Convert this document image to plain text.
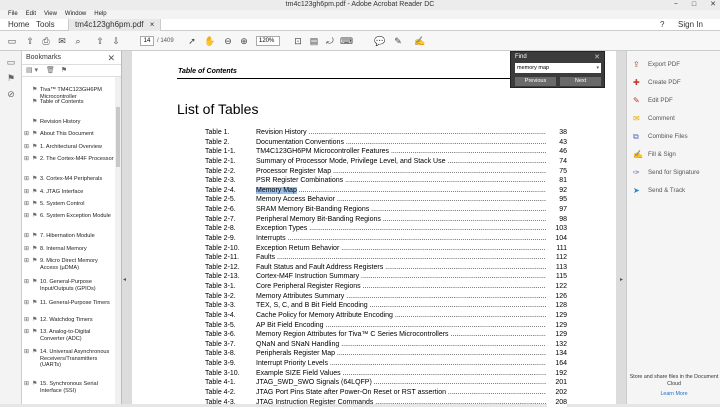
tm4c123gh6pm.pdf - Adobe Acrobat Reader DC	− □ ✕
File Edit View Window Help
Home Tools	tm4c123gh6pm.pdf ×	? Sign In
▭ ⇧ ⎙ ✉	⌕	⇧ ⇩	14	/ 1409 ➚ ✋ ⊖ ⊕	120%	⊡ ▤ ⤾ ⌨ 💬 ✎ ✍
▭
⚑
⊘
Bookmarks	✕
▤ ▾ 🗑 ⚑
⚑ Tiva™ TM4C123GH6PM Microcontroller
⚑ Table of Contents
⚑ Revision History
⊞ ⚑ About This Document
⊞ ⚑ 1. Architectural Overview
⊞ ⚑ 2. The Cortex-M4F Processor
⊞ ⚑ 3. Cortex-M4 Peripherals
⊞ ⚑ 4. JTAG Interface
⊞ ⚑ 5. System Control
⊞ ⚑ 6. System Exception Module
⊞ ⚑ 7. Hibernation Module
⊞ ⚑ 8. Internal Memory
⊞ ⚑ 9. Micro Direct Memory Access (μDMA)
⊞ ⚑ 10. General-Purpose Input/Outputs (GPIOs)
⊞ ⚑ 11. General-Purpose Timers
⊞ ⚑ 12. Watchdog Timers
⊞ ⚑ 13. Analog-to-Digital Converter (ADC)
⊞ ⚑ 14. Universal Asynchronous Receivers/Transmitters (UARTs)
⊞ ⚑ 15. Synchronous Serial Interface (SSI)
◂
Table of Contents
List of Tables
Table 1.	Revision History .....	38
Table 2.	Documentation Conventions .....	43
Table 1-1.	TM4C123GH6PM Microcontroller Features .....	46
Table 2-1.	Summary of Processor Mode, Privilege Level, and Stack Use .....	74
Table 2-2.	Processor Register Map .....	75
Table 2-3.	PSR Register Combinations .....	81
Table 2-4.	Memory Map .....	92
Table 2-5.	Memory Access Behavior .....	95
Table 2-6.	SRAM Memory Bit-Banding Regions .....	97
Table 2-7.	Peripheral Memory Bit-Banding Regions .....	98
Table 2-8.	Exception Types .....	103
Table 2-9.	Interrupts .....	104
Table 2-10.	Exception Return Behavior .....	111
Table 2-11.	Faults .....	112
Table 2-12.	Fault Status and Fault Address Registers .....	113
Table 2-13.	Cortex-M4F Instruction Summary .....	115
Table 3-1.	Core Peripheral Register Regions .....	122
Table 3-2.	Memory Attributes Summary .....	126
Table 3-3.	TEX, S, C, and B Bit Field Encoding .....	128
Table 3-4.	Cache Policy for Memory Attribute Encoding .....	129
Table 3-5.	AP Bit Field Encoding .....	129
Table 3-6.	Memory Region Attributes for Tiva™ C Series Microcontrollers .....	129
Table 3-7.	QNaN and SNaN Handling .....	132
Table 3-8.	Peripherals Register Map .....	134
Table 3-9.	Interrupt Priority Levels .....	164
Table 3-10.	Example SIZE Field Values .....	192
Table 4-1.	JTAG_SWD_SWO Signals (64LQFP) .....	201
Table 4-2.	JTAG Port Pins State after Power-On Reset or RST assertion .....	202
Table 4-3.	JTAG Instruction Register Commands .....	208
▸
Find	✕
memory map	▾
Previous	Next
⇪	Export PDF
✚	Create PDF
✎	Edit PDF
✉	Comment
⧉	Combine Files
✍ Fill & Sign
✑	Send for Signature
➤	Send & Track
Store and share files in the Document Cloud
Learn More
